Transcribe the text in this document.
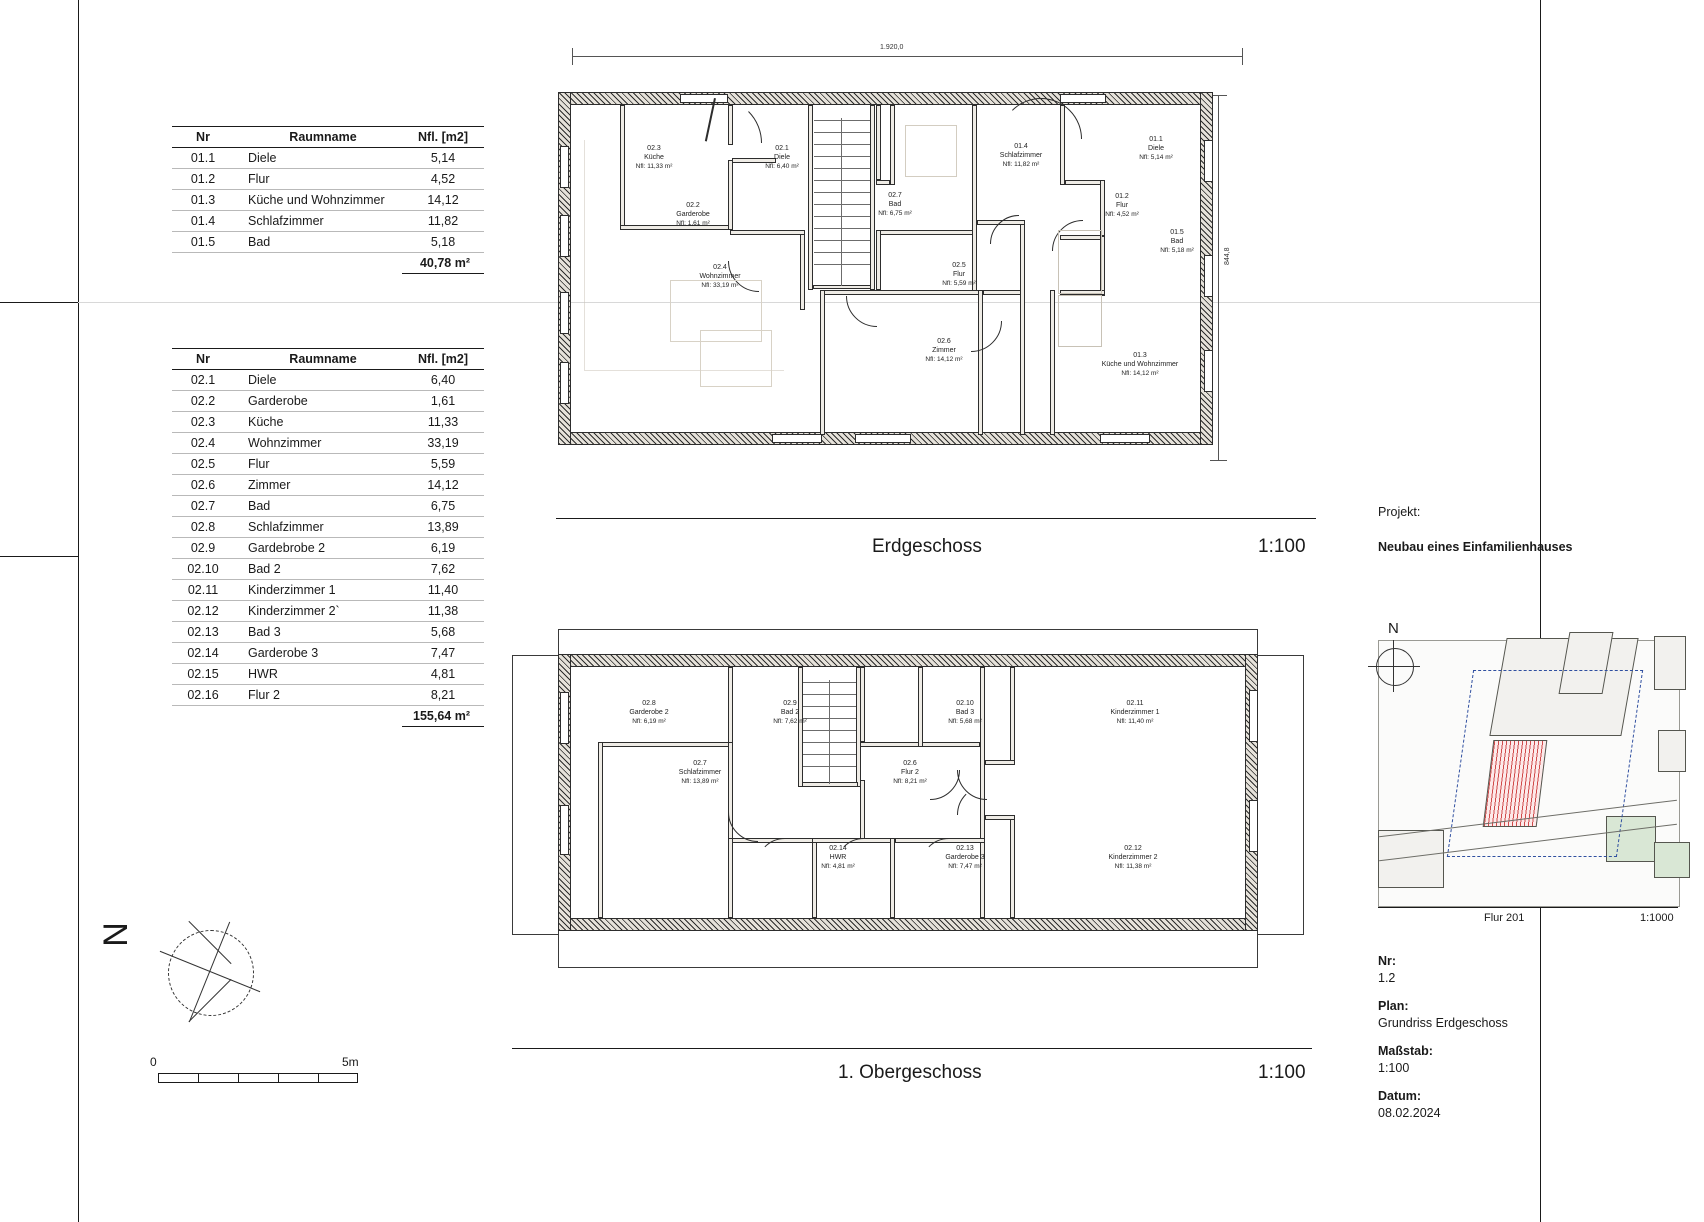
Nr	Raumname	Nfl. [m2]
01.1	Diele	5,14
01.2	Flur	4,52
01.3	Küche und Wohnzimmer	14,12
01.4	Schlafzimmer	11,82
01.5	Bad	5,18
		40,78 m²
Nr	Raumname	Nfl. [m2]
02.1	Diele	6,40
02.2	Garderobe	1,61
02.3	Küche	11,33
02.4	Wohnzimmer	33,19
02.5	Flur	5,59
02.6	Zimmer	14,12
02.7	Bad	6,75
02.8	Schlafzimmer	13,89
02.9	Gardebrobe 2	6,19
02.10	Bad 2	7,62
02.11	Kinderzimmer 1	11,40
02.12	Kinderzimmer 2`	11,38
02.13	Bad 3	5,68
02.14	Garderobe 3	7,47
02.15	HWR	4,81
02.16	Flur 2	8,21
		155,64 m²
1.920,0
844,8
02.3
Küche
Nfl: 11,33 m²
02.2
Garderobe
Nfl: 1,61 m²
02.1
Diele
Nfl: 6,40 m²
02.7
Bad
Nfl: 6,75 m²
01.4
Schlafzimmer
Nfl: 11,82 m²
01.1
Diele
Nfl: 5,14 m²
01.2
Flur
Nfl: 4,52 m²
01.5
Bad
Nfl: 5,18 m²
02.4
Wohnzimmer
Nfl: 33,19 m²
02.5
Flur
Nfl: 5,59 m²
02.6
Zimmer
Nfl: 14,12 m²	01.3
Küche und Wohnzimmer
Nfl: 14,12 m²
Erdgeschoss	1:100
02.8
Garderobe 2
Nfl: 6,19 m²
02.9
Bad 2
Nfl: 7,62 m²
02.10
Bad 3
Nfl: 5,68 m²
02.11
Kinderzimmer 1
Nfl: 11,40 m²
02.7
Schlafzimmer
Nfl: 13,89 m²
02.6
Flur 2
Nfl: 8,21 m²
02.14
HWR
Nfl: 4,81 m²
02.13
Garderobe 3
Nfl: 7,47 m²
02.12
Kinderzimmer 2
Nfl: 11,38 m²
1. Obergeschoss	1:100
Projekt:
Neubau eines Einfamilienhauses
Nr:
1.2
Plan:
Grundriss Erdgeschoss
Maßstab:
1:100
Datum:
08.02.2024
N
Flur 201	1:1000
N
0	5m
